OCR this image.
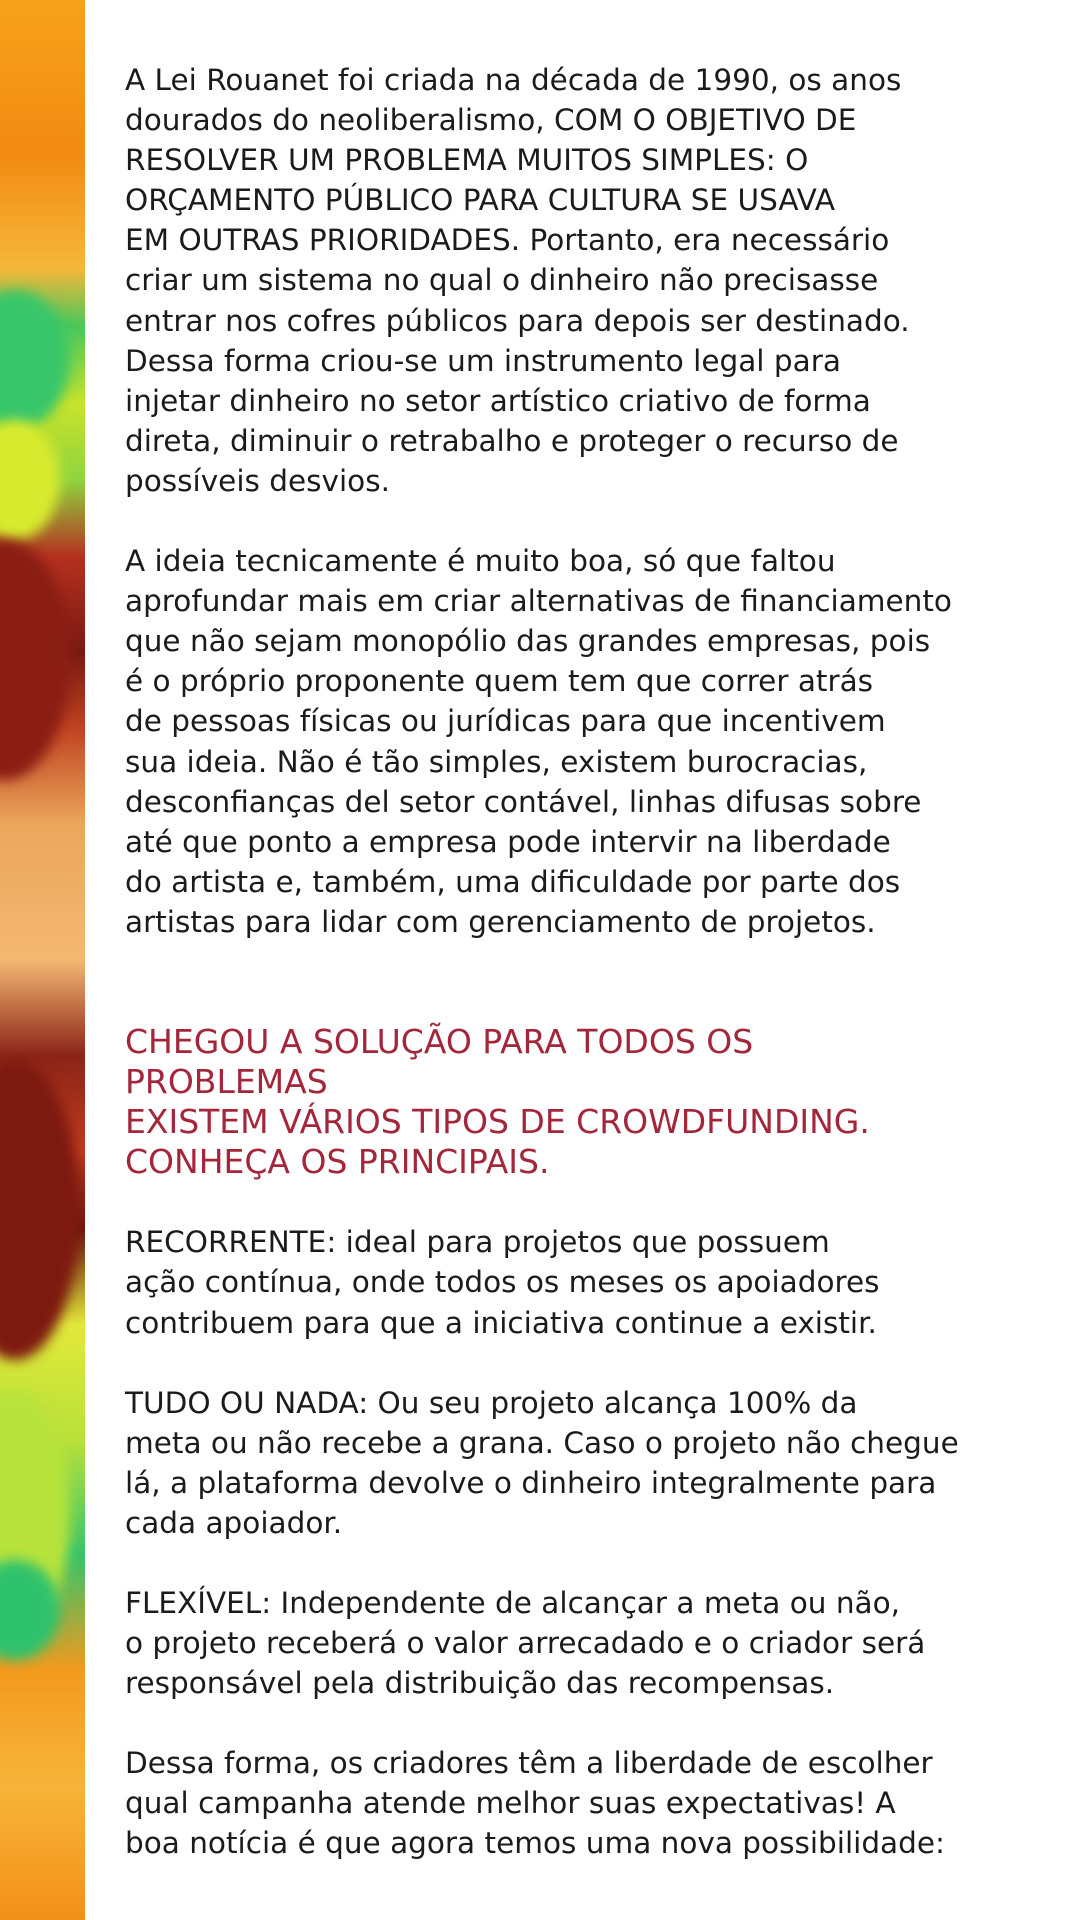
A Lei Rouanet foi criada na década de 1990, os anos
dourados do neoliberalismo, COM O OBJETIVO DE
RESOLVER UM PROBLEMA MUITOS SIMPLES: O
ORÇAMENTO PÚBLICO PARA CULTURA SE USAVA
EM OUTRAS PRIORIDADES. Portanto, era necessário
criar um sistema no qual o dinheiro não precisasse
entrar nos cofres públicos para depois ser destinado.
Dessa forma criou-se um instrumento legal para
injetar dinheiro no setor artístico criativo de forma
direta, diminuir o retrabalho e proteger o recurso de
possíveis desvios.

A ideia tecnicamente é muito boa, só que faltou
aprofundar mais em criar alternativas de financiamento
que não sejam monopólio das grandes empresas, pois
é o próprio proponente quem tem que correr atrás
de pessoas físicas ou jurídicas para que incentivem
sua ideia. Não é tão simples, existem burocracias,
desconfianças del setor contável, linhas difusas sobre
até que ponto a empresa pode intervir na liberdade
do artista e, também, uma dificuldade por parte dos
artistas para lidar com gerenciamento de projetos.

CHEGOU A SOLUÇÃO PARA TODOS OS
PROBLEMAS
EXISTEM VÁRIOS TIPOS DE CROWDFUNDING.
CONHEÇA OS PRINCIPAIS.

RECORRENTE: ideal para projetos que possuem
ação contínua, onde todos os meses os apoiadores
contribuem para que a iniciativa continue a existir.

TUDO OU NADA: Ou seu projeto alcança 100% da
meta ou não recebe a grana. Caso o projeto não chegue
lá, a plataforma devolve o dinheiro integralmente para
cada apoiador.

FLEXÍVEL: Independente de alcançar a meta ou não,
o projeto receberá o valor arrecadado e o criador será
responsável pela distribuição das recompensas.

Dessa forma, os criadores têm a liberdade de escolher
qual campanha atende melhor suas expectativas! A
boa notícia é que agora temos uma nova possibilidade:
